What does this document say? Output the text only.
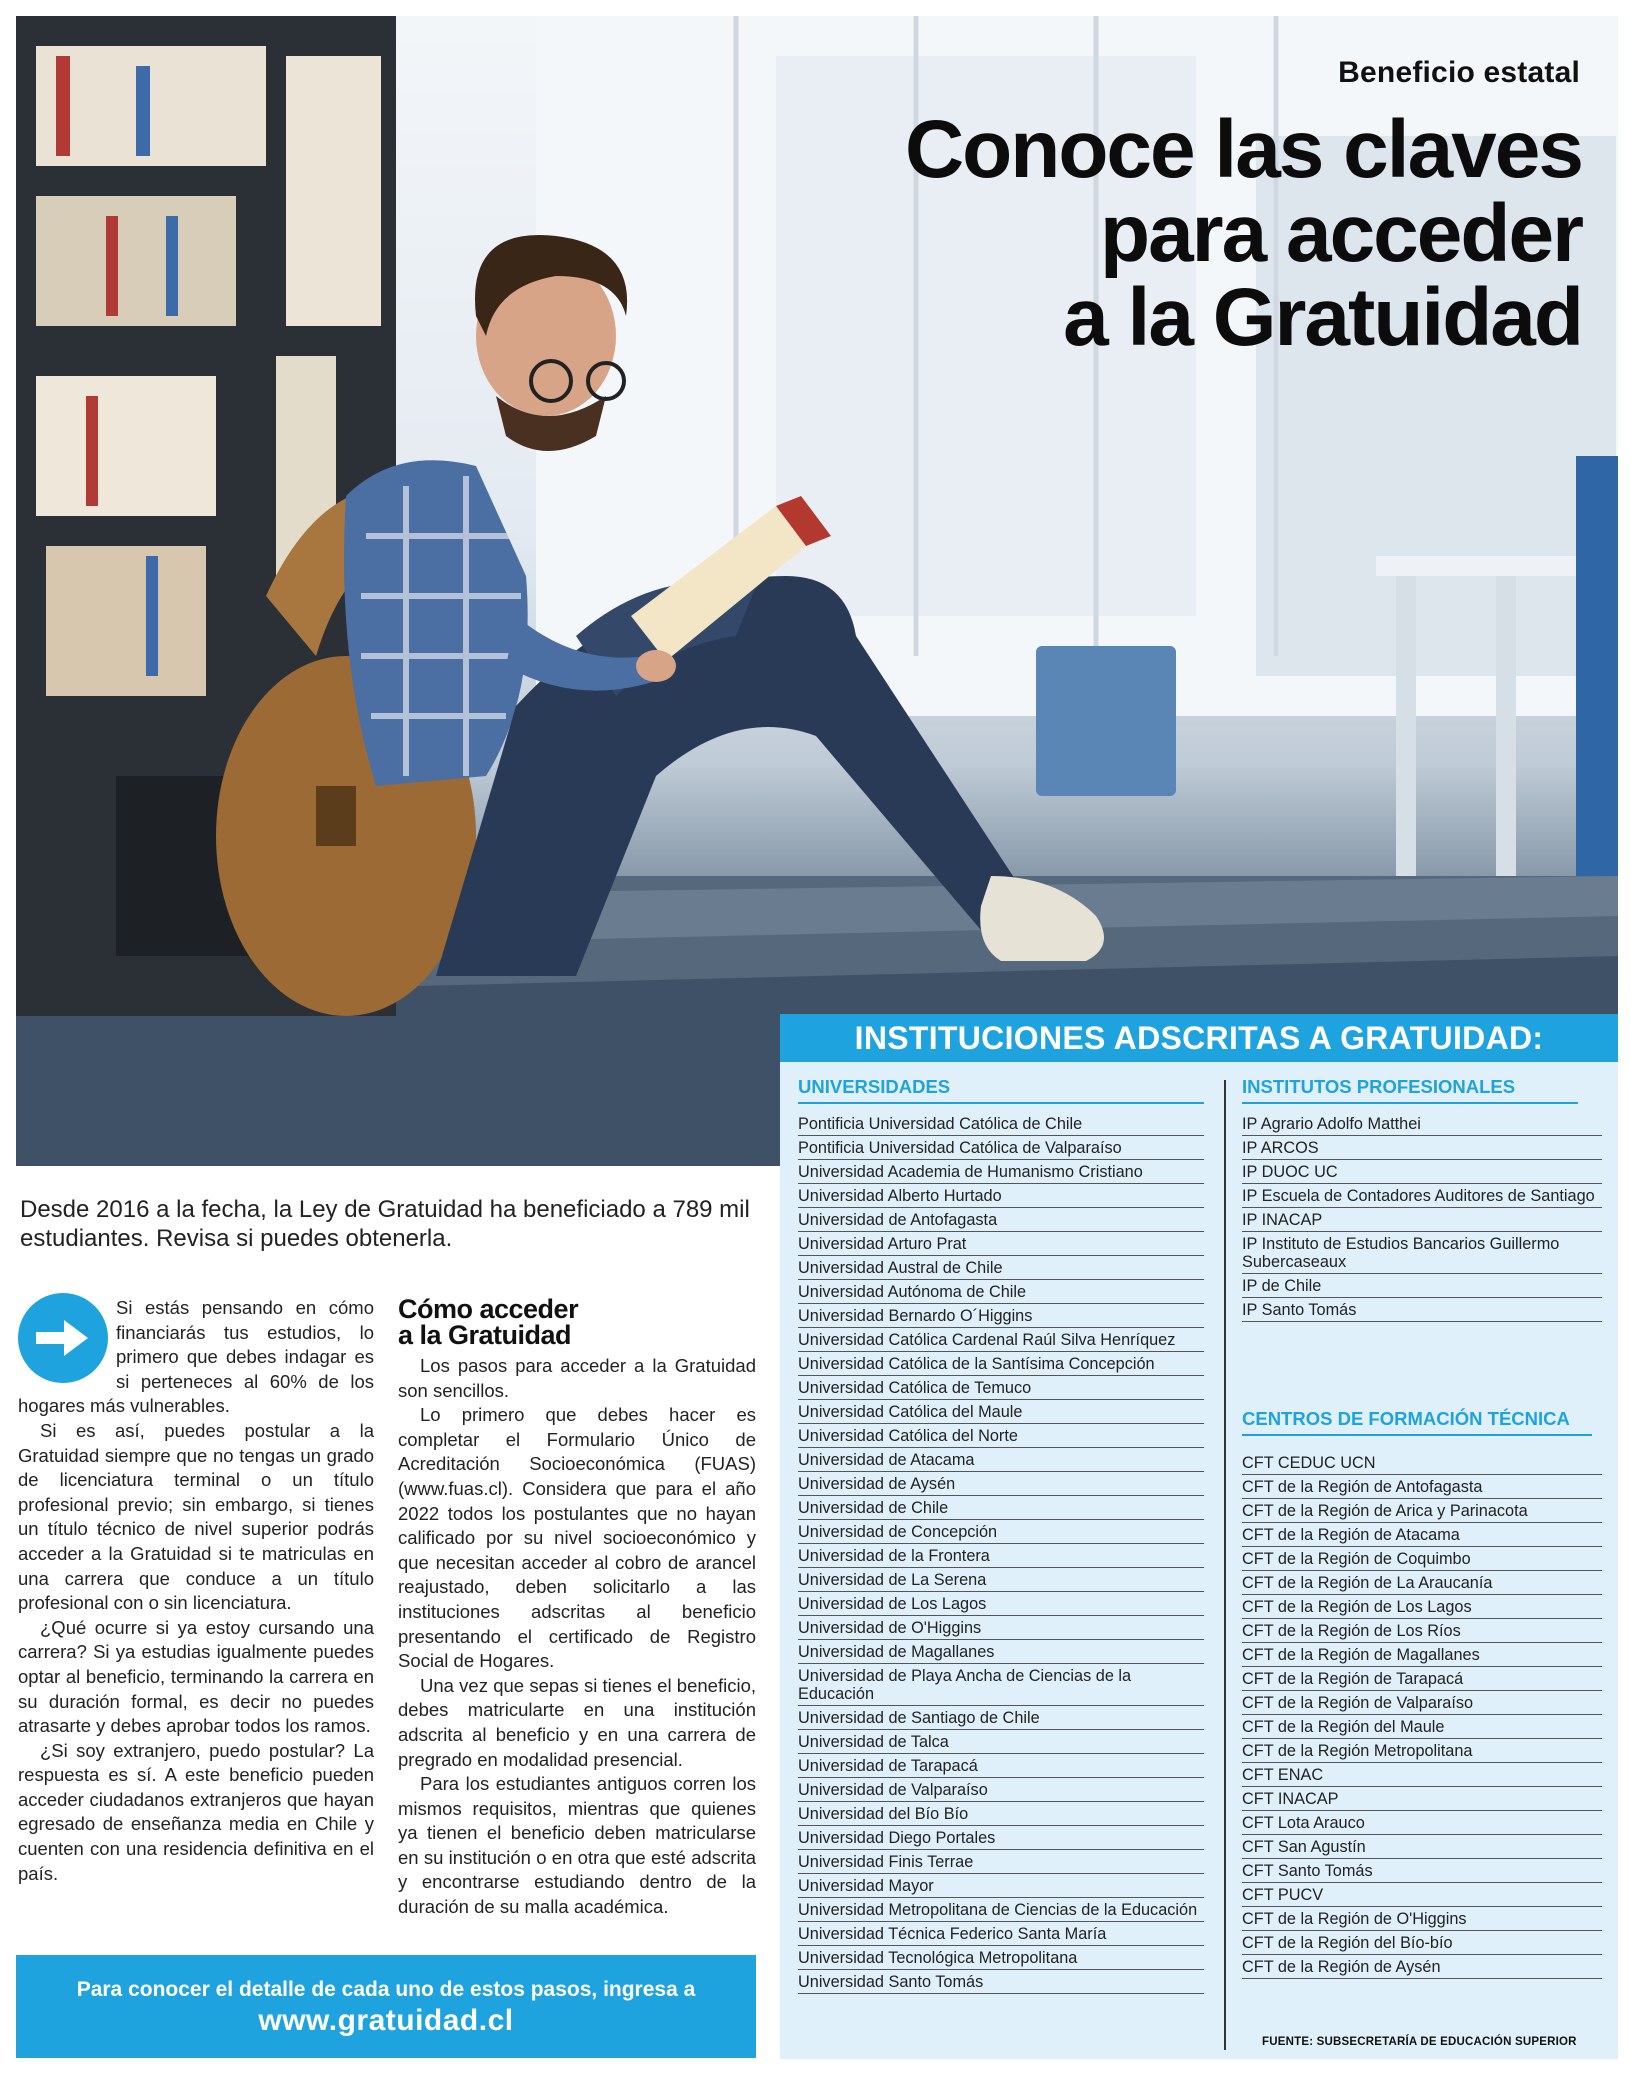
Beneficio estatal
Conoce las claves
para acceder
a la Gratuidad

Desde 2016 a la fecha, la Ley de Gratuidad ha beneficiado a 789 mil estudiantes. Revisa si puedes obtenerla.

Si estás pensando en cómo financiarás tus estudios, lo primero que debes indagar es si perteneces al 60% de los hogares más vulnerables.

Si es así, puedes postular a la Gratuidad siempre que no tengas un grado de licenciatura terminal o un título profesional previo; sin embargo, si tienes un título técnico de nivel superior podrás acceder a la Gratuidad si te matriculas en una carrera que conduce a un título profesional con o sin licenciatura.

¿Qué ocurre si ya estoy cursando una carrera? Si ya estudias igualmente puedes optar al beneficio, terminando la carrera en su duración formal, es decir no puedes atrasarte y debes aprobar todos los ramos.

¿Si soy extranjero, puedo postular? La respuesta es sí. A este beneficio pueden acceder ciudadanos extranjeros que hayan egresado de enseñanza media en Chile y cuenten con una residencia definitiva en el país.

Cómo acceder
a la Gratuidad

Los pasos para acceder a la Gratuidad son sencillos.

Lo primero que debes hacer es completar el Formulario Único de Acreditación Socioeconómica (FUAS) (www.fuas.cl). Considera que para el año 2022 todos los postulantes que no hayan calificado por su nivel socioeconómico y que necesitan acceder al cobro de arancel reajustado, deben solicitarlo a las instituciones adscritas al beneficio presentando el certificado de Registro Social de Hogares.

Una vez que sepas si tienes el beneficio, debes matricularte en una institución adscrita al beneficio y en una carrera de pregrado en modalidad presencial.

Para los estudiantes antiguos corren los mismos requisitos, mientras que quienes ya tienen el beneficio deben matricularse en su institución o en otra que esté adscrita y encontrarse estudiando dentro de la duración de su malla académica.

Para conocer el detalle de cada uno de estos pasos, ingresa a
www.gratuidad.cl
INSTITUCIONES ADSCRITAS A GRATUIDAD:
UNIVERSIDADES
Pontificia Universidad Católica de Chile
Pontificia Universidad Católica de Valparaíso
Universidad Academia de Humanismo Cristiano
Universidad Alberto Hurtado
Universidad de Antofagasta
Universidad Arturo Prat
Universidad Austral de Chile
Universidad Autónoma de Chile
Universidad Bernardo O´Higgins
Universidad Católica Cardenal Raúl Silva Henríquez
Universidad Católica de la Santísima Concepción
Universidad Católica de Temuco
Universidad Católica del Maule
Universidad Católica del Norte
Universidad de Atacama
Universidad de Aysén
Universidad de Chile
Universidad de Concepción
Universidad de la Frontera
Universidad de La Serena
Universidad de Los Lagos
Universidad de O'Higgins
Universidad de Magallanes
Universidad de Playa Ancha de Ciencias de la Educación
Universidad de Santiago de Chile
Universidad de Talca
Universidad de Tarapacá
Universidad de Valparaíso
Universidad del Bío Bío
Universidad Diego Portales
Universidad Finis Terrae
Universidad Mayor
Universidad Metropolitana de Ciencias de la Educación
Universidad Técnica Federico Santa María
Universidad Tecnológica Metropolitana
Universidad Santo Tomás
INSTITUTOS PROFESIONALES
IP Agrario Adolfo Matthei
IP ARCOS
IP DUOC UC
IP Escuela de Contadores Auditores de Santiago
IP INACAP
IP Instituto de Estudios Bancarios Guillermo Subercaseaux
IP de Chile
IP Santo Tomás
CENTROS DE FORMACIÓN TÉCNICA
CFT CEDUC UCN
CFT de la Región de Antofagasta
CFT de la Región de Arica y Parinacota
CFT de la Región de Atacama
CFT de la Región de Coquimbo
CFT de la Región de La Araucanía
CFT de la Región de Los Lagos
CFT de la Región de Los Ríos
CFT de la Región de Magallanes
CFT de la Región de Tarapacá
CFT de la Región de Valparaíso
CFT de la Región del Maule
CFT de la Región Metropolitana
CFT ENAC
CFT INACAP
CFT Lota Arauco
CFT San Agustín
CFT Santo Tomás
CFT PUCV
CFT de la Región de O'Higgins
CFT de la Región del Bío-bío
CFT de la Región de Aysén
FUENTE: SUBSECRETARÍA DE EDUCACIÓN SUPERIOR
